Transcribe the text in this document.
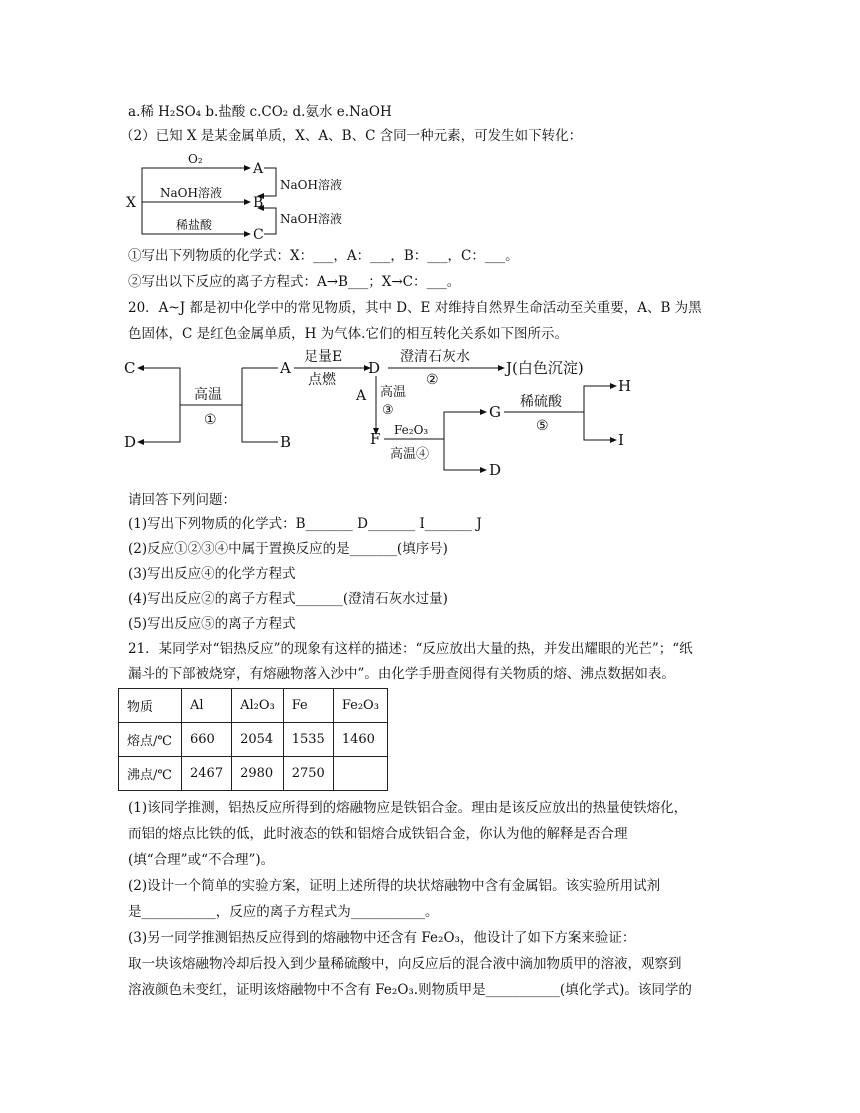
a.稀 H₂SO₄ b.盐酸 c.CO₂ d.氨水 e.NaOH
（2）已知 X 是某金属单质，X、A、B、C 含同一种元素，可发生如下转化：
X
A
B
C
O₂
NaOH溶液
稀盐酸
NaOH溶液
NaOH溶液
①写出下列物质的化学式：X：___，A：___，B：___，C：___。
②写出以下反应的离子方程式：A→B___；X→C：___。
20．A~J 都是初中化学中的常见物质，其中 D、E 对维持自然界生命活动至关重要，A、B 为黑
色固体，C 是红色金属单质，H 为气体.它们的相互转化关系如下图所示。
C
D
高温
①
A
B
足量E
点燃
D
澄清石灰水
②
J(白色沉淀)
A 高温
③
F Fe₂O₃
高温④
G
D
稀硫酸
⑤
H
I
请回答下列问题：
(1)写出下列物质的化学式：B_______ D_______ I_______ J
(2)反应①②③④中属于置换反应的是_______(填序号)
(3)写出反应④的化学方程式
(4)写出反应②的离子方程式_______(澄清石灰水过量)
(5)写出反应⑤的离子方程式
21．某同学对“铝热反应”的现象有这样的描述：“反应放出大量的热，并发出耀眼的光芒”；“纸
漏斗的下部被烧穿，有熔融物落入沙中”。由化学手册查阅得有关物质的熔、沸点数据如表。
物质	Al	Al₂O₃	Fe	Fe₂O₃
熔点/℃	660	2054	1535	1460
沸点/℃	2467	2980	2750	
(1)该同学推测，铝热反应所得到的熔融物应是铁铝合金。理由是该反应放出的热量使铁熔化，
而铝的熔点比铁的低，此时液态的铁和铝熔合成铁铝合金，你认为他的解释是否合理
(填“合理”或“不合理”)。
(2)设计一个简单的实验方案，证明上述所得的块状熔融物中含有金属铝。该实验所用试剂
是___________，反应的离子方程式为___________。
(3)另一同学推测铝热反应得到的熔融物中还含有 Fe₂O₃，他设计了如下方案来验证：
取一块该熔融物冷却后投入到少量稀硫酸中，向反应后的混合液中滴加物质甲的溶液，观察到
溶液颜色未变红，证明该熔融物中不含有 Fe₂O₃.则物质甲是___________(填化学式)。该同学的
